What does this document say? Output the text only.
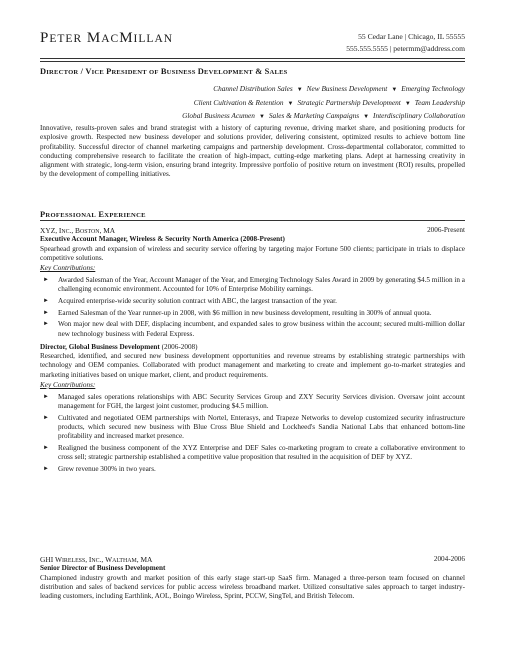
PETER MACMILLAN	55 Cedar Lane | Chicago, IL 55555
555.555.5555 | petermm@address.com
DIRECTOR / VICE PRESIDENT OF BUSINESS DEVELOPMENT & SALES
Channel Distribution Sales ▼ New Business Development ▼ Emerging Technology
Client Cultivation & Retention ▼ Strategic Partnership Development ▼ Team Leadership
Global Business Acumen ▼ Sales & Marketing Campaigns ▼ Interdisciplinary Collaboration
Innovative, results-proven sales and brand strategist with a history of capturing revenue, driving market share, and positioning products for explosive growth. Respected new business developer and solutions provider, delivering consistent, optimized results to achieve bottom line profitability. Successful director of channel marketing campaigns and partnership development. Cross-departmental collaborator, committed to conducting comprehensive research to facilitate the creation of high-impact, cutting-edge marketing plans. Adept at harnessing creativity in alignment with strategic, long-term vision, ensuring brand integrity. Impressive portfolio of positive return on investment (ROI) results, propelled by the development of compelling initiatives.
PROFESSIONAL EXPERIENCE
XYZ, INC., BOSTON, MA	2006-Present
Executive Account Manager, Wireless & Security North America (2008-Present)
Spearhead growth and expansion of wireless and security service offering by targeting major Fortune 500 clients; participate in trials to displace competitive solutions.
Key Contributions:
► Awarded Salesman of the Year, Account Manager of the Year, and Emerging Technology Sales Award in 2009 by generating $4.5 million in a challenging economic environment. Accounted for 10% of Enterprise Mobility earnings.
► Acquired enterprise-wide security solution contract with ABC, the largest transaction of the year.
► Earned Salesman of the Year runner-up in 2008, with $6 million in new business development, resulting in 300% of annual quota.
► Won major new deal with DEF, displacing incumbent, and expanded sales to grow business within the account; secured multi-million dollar new technology business with Federal Express.
Director, Global Business Development (2006-2008)
Researched, identified, and secured new business development opportunities and revenue streams by establishing strategic partnerships with technology and OEM companies. Collaborated with product management and marketing to create and implement go-to-market strategies and marketing initiatives based on unique market, client, and product requirements.
Key Contributions:
► Managed sales operations relationships with ABC Security Services Group and ZXY Security Services division. Oversaw joint account management for FGH, the largest joint customer, producing $4.5 million.
► Cultivated and negotiated OEM partnerships with Nortel, Enterasys, and Trapeze Networks to develop customized security infrastructure products, which secured new business with Blue Cross Blue Shield and Lockheed's Sandia National Labs that enhanced bottom-line profitability and increased market presence.
► Realigned the business component of the XYZ Enterprise and DEF Sales co-marketing program to create a collaborative environment to cross sell; strategic partnership established a competitive value proposition that resulted in the acquisition of DEF by XYZ.
► Grew revenue 300% in two years.
GHI WIRELESS, INC., WALTHAM, MA	2004-2006
Senior Director of Business Development
Championed industry growth and market position of this early stage start-up SaaS firm. Managed a three-person team focused on channel distribution and sales of backend services for public access wireless broadband market. Utilized consultative sales approach to target industry-leading customers, including Earthlink, AOL, Boingo Wireless, Sprint, PCCW, SingTel, and British Telecom.
